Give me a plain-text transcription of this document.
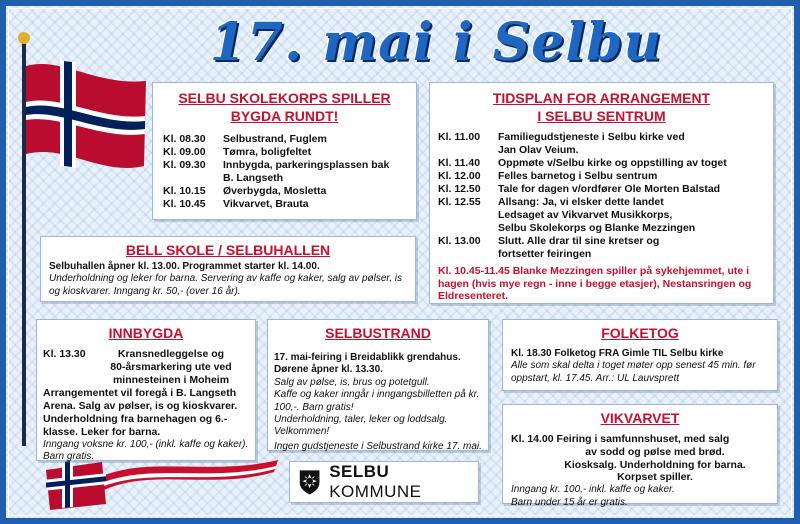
17. mai i Selbu
SELBU SKOLEKORPS SPILLER
BYGDA RUNDT!
Kl. 08.30	Selbustrand, Fuglem
Kl. 09.00	Tømra, boligfeltet
Kl. 09.30	Innbygda, parkeringsplassen bak
B. Langseth
Kl. 10.15	Øverbygda, Mosletta
Kl. 10.45	Vikvarvet, Brauta
TIDSPLAN FOR ARRANGEMENT
I SELBU SENTRUM
Kl. 11.00	Familiegudstjeneste i Selbu kirke ved
Jan Olav Veium.
Kl. 11.40	Oppmøte v/Selbu kirke og oppstilling av toget
Kl. 12.00	Felles barnetog i Selbu sentrum
Kl. 12.50	Tale for dagen v/ordfører Ole Morten Balstad
Kl. 12.55	Allsang: Ja, vi elsker dette landet
Ledsaget av Vikvarvet Musikkorps,
Selbu Skolekorps og Blanke Mezzingen
Kl. 13.00	Slutt. Alle drar til sine kretser og
fortsetter feiringen
Kl. 10.45-11.45 Blanke Mezzingen spiller på sykehjemmet, ute i hagen (hvis mye regn - inne i begge etasjer), Nestansringen og Eldresenteret.
BELL SKOLE / SELBUHALLEN
Selbuhallen åpner kl. 13.00. Programmet starter kl. 14.00.
Underholdning og leker for barna. Servering av kaffe og kaker, salg av pølser, is og kioskvarer. Inngang kr. 50,- (over 16 år).
INNBYGDA
Kl. 13.30	Kransnedleggelse og
80-årsmarkering ute ved
minnesteinen i Moheim
Arrangementet vil foregå i B. Langseth Arena. Salg av pølser, is og kioskvarer. Underholdning fra barnehagen og 6.-klasse. Leker for barna.
Inngang voksne kr. 100,- (inkl. kaffe og kaker). Barn gratis.
SELBUSTRAND
17. mai-feiring i Breidablikk grendahus. Dørene åpner kl. 13.30.
Salg av pølse, is, brus og potetgull.
Kaffe og kaker inngår i inngangsbilletten på kr. 100,-. Barn gratis!
Underholdning, taler, leker og loddsalg.
Velkommen!
Ingen gudstjeneste i Selbustrand kirke 17. mai.
FOLKETOG
Kl. 18.30 Folketog FRA Gimle TIL Selbu kirke
Alle som skal delta i toget møter opp senest 45 min. før oppstart, kl. 17.45. Arr.: UL Lauvsprett
VIKVARVET
Kl. 14.00 Feiring i samfunnshuset, med salg
av sodd og pølse med brød.
Kiosksalg. Underholdning for barna.
Korpset spiller.
Inngang kr. 100,- inkl. kaffe og kaker.
Barn under 15 år er gratis.
SELBU KOMMUNE
